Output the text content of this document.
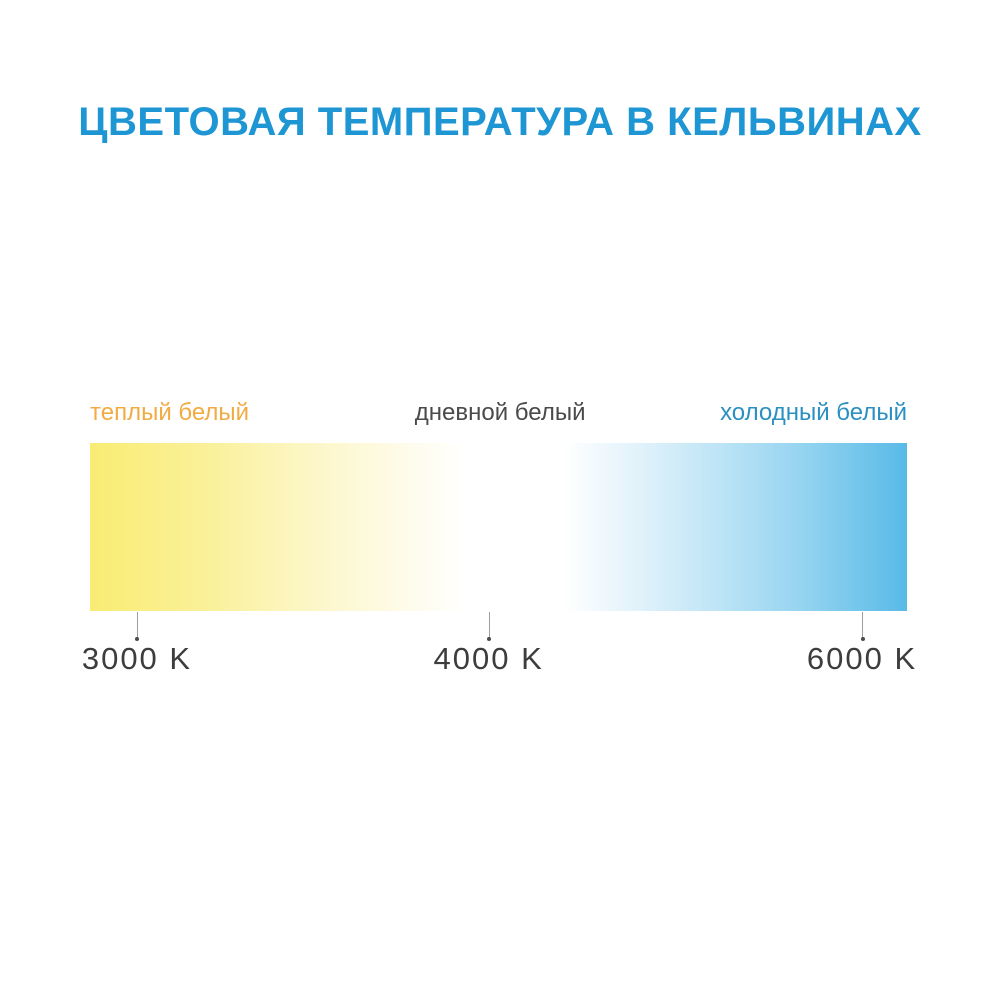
ЦВЕТОВАЯ ТЕМПЕРАТУРА В КЕЛЬВИНАХ
теплый белый	дневной белый	холодный белый
3000 K	4000 K	6000 K
